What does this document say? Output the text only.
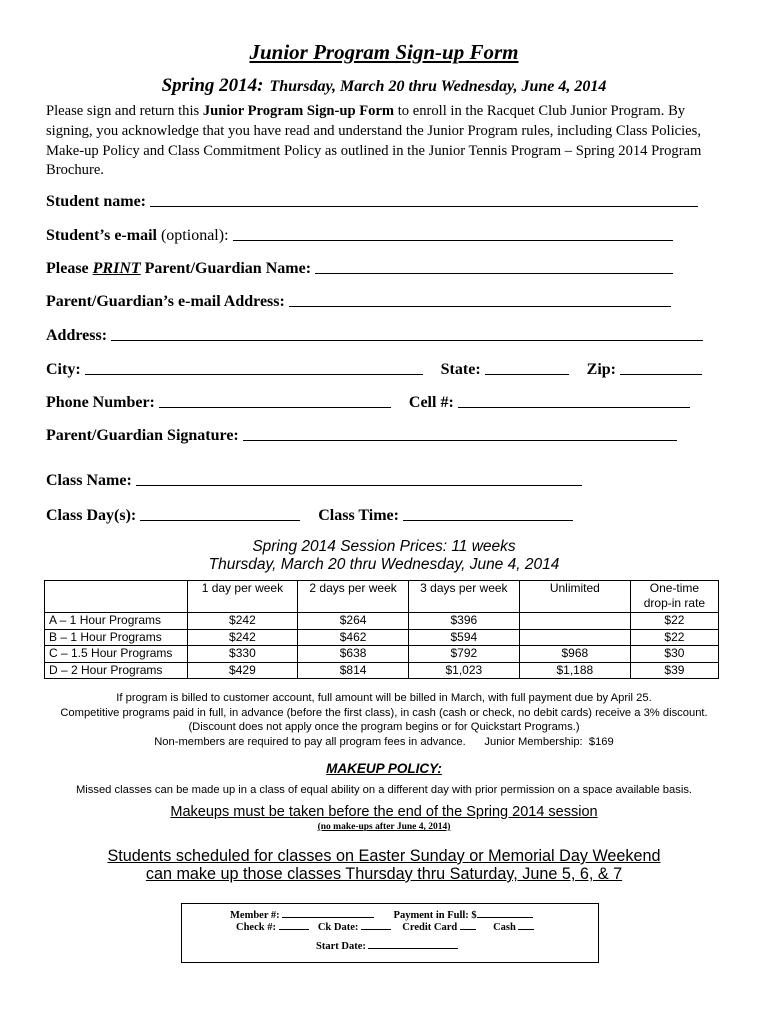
Junior Program Sign-up Form
Spring 2014: Thursday, March 20 thru Wednesday, June 4, 2014
Please sign and return this Junior Program Sign-up Form to enroll in the Racquet Club Junior Program. By signing, you acknowledge that you have read and understand the Junior Program rules, including Class Policies, Make-up Policy and Class Commitment Policy as outlined in the Junior Tennis Program – Spring 2014 Program Brochure.
Student name:
Student’s e-mail (optional):
Please PRINT Parent/Guardian Name:
Parent/Guardian’s e-mail Address:
Address:
City:	State:	Zip:
Phone Number:	Cell #:
Parent/Guardian Signature:
Class Name:
Class Day(s):	Class Time:
Spring 2014 Session Prices: 11 weeks
Thursday, March 20 thru Wednesday, June 4, 2014
	1 day per week	2 days per week	3 days per week	Unlimited	One-time drop-in rate
A – 1 Hour Programs	$242	$264	$396		$22
B – 1 Hour Programs	$242	$462	$594		$22
C – 1.5 Hour Programs	$330	$638	$792	$968	$30
D – 2 Hour Programs	$429	$814	$1,023	$1,188	$39
If program is billed to customer account, full amount will be billed in March, with full payment due by April 25.
Competitive programs paid in full, in advance (before the first class), in cash (cash or check, no debit cards) receive a 3% discount.
(Discount does not apply once the program begins or for Quickstart Programs.)
Non-members are required to pay all program fees in advance.      Junior Membership:  $169
MAKEUP POLICY:
Missed classes can be made up in a class of equal ability on a different day with prior permission on a space available basis.
Makeups must be taken before the end of the Spring 2014 session
(no make-ups after June 4, 2014)
Students scheduled for classes on Easter Sunday or Memorial Day Weekend
can make up those classes Thursday thru Saturday, June 5, 6, & 7
Member #:	Payment in Full: $
Check #:	Ck Date:	Credit Card	Cash
Start Date:
